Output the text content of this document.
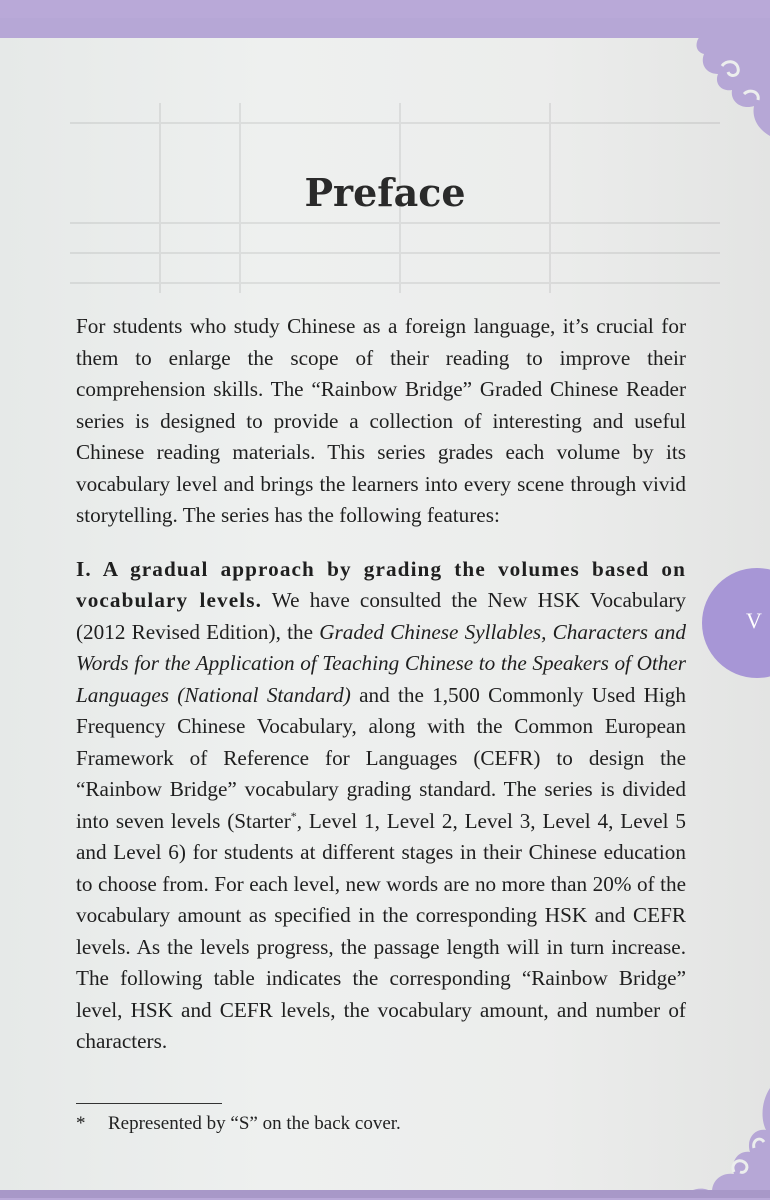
Preface

For students who study Chinese as a foreign language, it’s crucial for them to enlarge the scope of their reading to improve their comprehension skills. The “Rainbow Bridge” Graded Chinese Reader series is designed to provide a collection of interesting and useful Chinese reading materials. This series grades each volume by its vocabulary level and brings the learners into every scene through vivid storytelling. The series has the following features:

I. A gradual approach by grading the volumes based on vocabulary levels. We have consulted the New HSK Vocabulary (2012 Revised Edition), the Graded Chinese Syllables, Characters and Words for the Application of Teaching Chinese to the Speakers of Other Languages (National Standard) and the 1,500 Commonly Used High Frequency Chinese Vocabulary, along with the Common European Framework of Reference for Languages (CEFR) to design the “Rainbow Bridge” vocabulary grading standard. The series is divided into seven levels (Starter*, Level 1, Level 2, Level 3, Level 4, Level 5 and Level 6) for students at different stages in their Chinese education to choose from. For each level, new words are no more than 20% of the vocabulary amount as specified in the corresponding HSK and CEFR levels. As the levels progress, the passage length will in turn increase. The following table indicates the corresponding “Rainbow Bridge” level, HSK and CEFR levels, the vocabulary amount, and number of characters.

* Represented by “S” on the back cover.
V
